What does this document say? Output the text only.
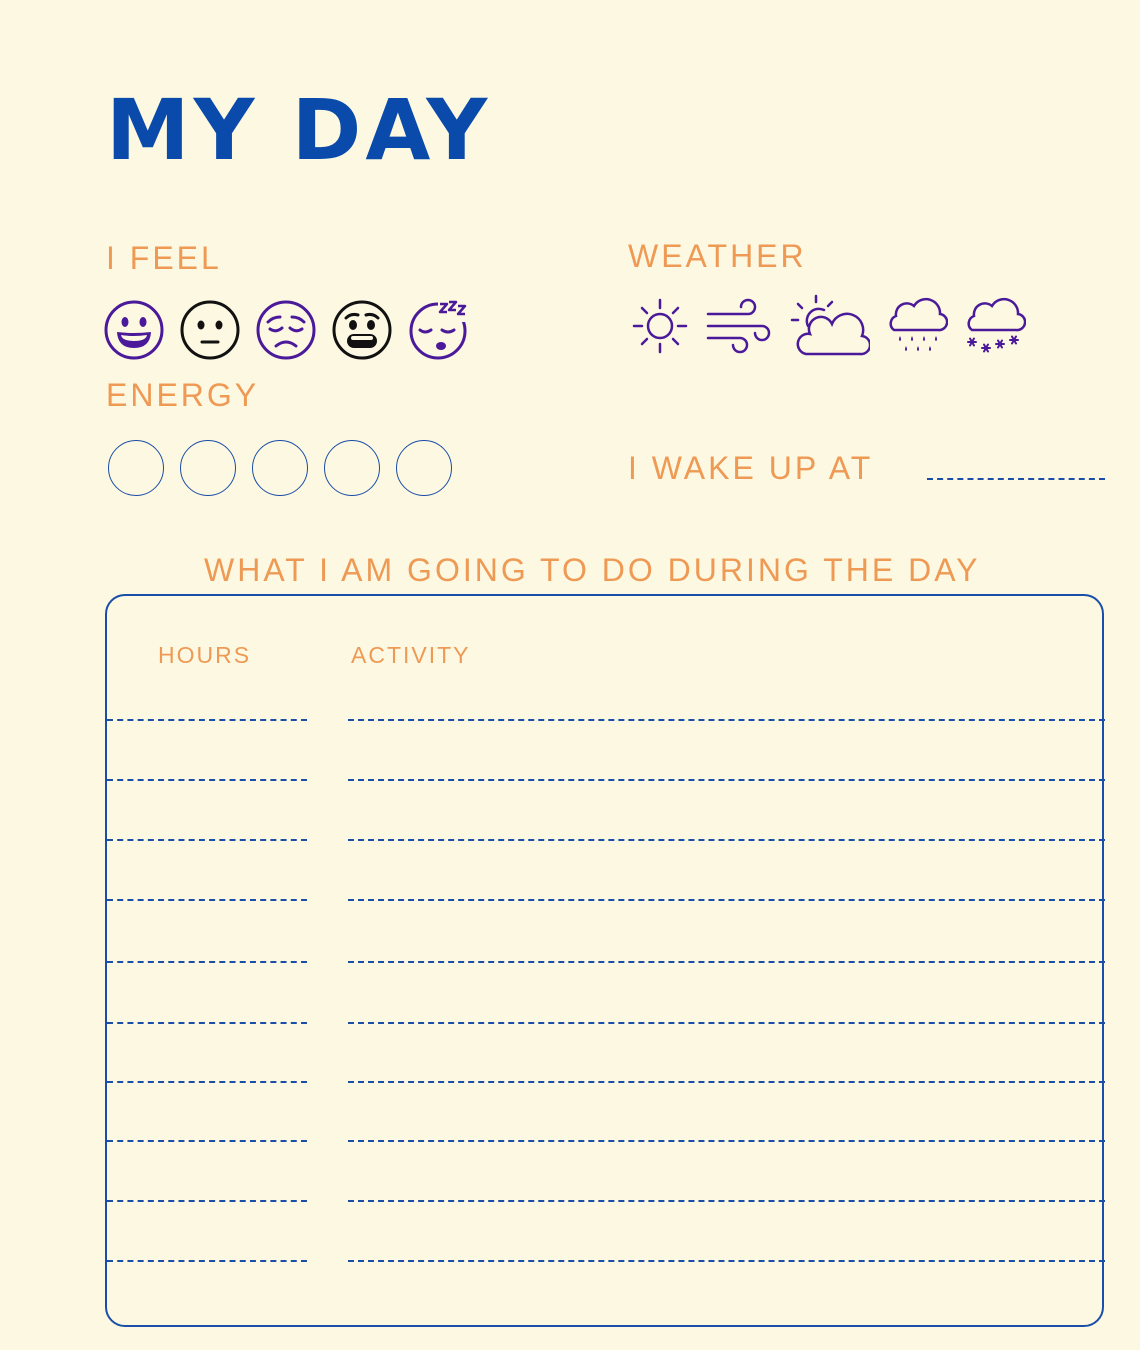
MY DAY
I FEEL	WEATHER
ENERGY
I WAKE UP AT
WHAT I AM GOING TO DO DURING THE DAY
HOURS	ACTIVITY
